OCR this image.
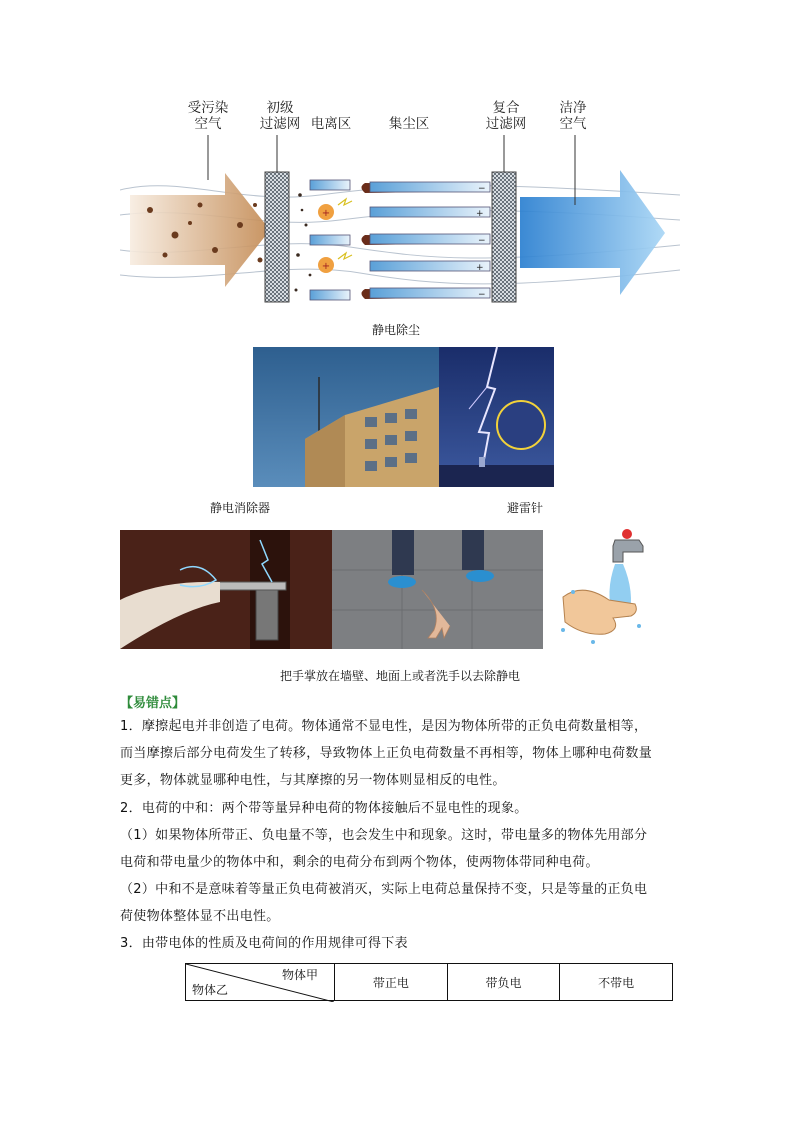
受污染
空气
初级
过滤网 电离区	集尘区
复合
过滤网
洁净
空气
+
+
−
+
−
+
−
静电除尘
静电消除器	避雷针
把手掌放在墙壁、地面上或者洗手以去除静电
【易错点】
1．摩擦起电并非创造了电荷。物体通常不显电性，是因为物体所带的正负电荷数量相等，
而当摩擦后部分电荷发生了转移，导致物体上正负电荷数量不再相等，物体上哪种电荷数量
更多，物体就显哪种电性，与其摩擦的另一物体则显相反的电性。
2．电荷的中和：两个带等量异种电荷的物体接触后不显电性的现象。
（1）如果物体所带正、负电量不等，也会发生中和现象。这时，带电量多的物体先用部分
电荷和带电量少的物体中和，剩余的电荷分布到两个物体，使两物体带同种电荷。
（2）中和不是意味着等量正负电荷被消灭，实际上电荷总量保持不变，只是等量的正负电
荷使物体整体显不出电性。
3．由带电体的性质及电荷间的作用规律可得下表
物体甲
物体乙
	带正电	带负电	不带电
